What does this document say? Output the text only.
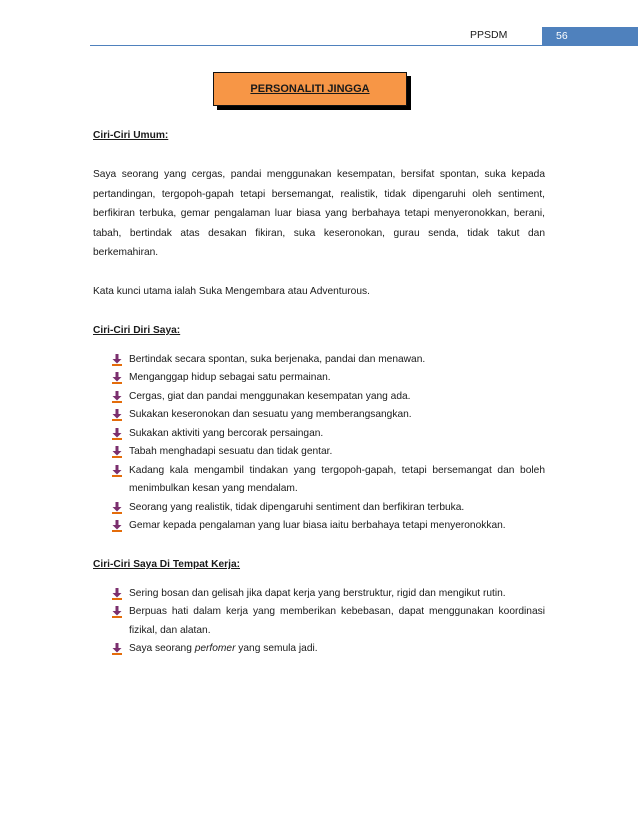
PPSDM	56
PERSONALITI JINGGA

Ciri-Ciri Umum:

Saya seorang yang cergas, pandai menggunakan kesempatan, bersifat spontan, suka kepada pertandingan, tergopoh-gapah tetapi bersemangat, realistik, tidak dipengaruhi oleh sentiment, berfikiran terbuka, gemar pengalaman luar biasa yang berbahaya tetapi menyeronokkan, berani, tabah, bertindak atas desakan fikiran, suka keseronokan, gurau senda, tidak takut dan berkemahiran.

Kata kunci utama ialah Suka Mengembara atau Adventurous.

Ciri-Ciri Diri Saya:

Bertindak secara spontan, suka berjenaka, pandai dan menawan.
Menganggap hidup sebagai satu permainan.
Cergas, giat dan pandai menggunakan kesempatan yang ada.
Sukakan keseronokan dan sesuatu yang memberangsangkan.
Sukakan aktiviti yang bercorak persaingan.
Tabah menghadapi sesuatu dan tidak gentar.
Kadang kala mengambil tindakan yang tergopoh-gapah, tetapi bersemangat dan boleh menimbulkan kesan yang mendalam.
Seorang yang realistik, tidak dipengaruhi sentiment dan berfikiran terbuka.
Gemar kepada pengalaman yang luar biasa iaitu berbahaya tetapi menyeronokkan.

Ciri-Ciri Saya Di Tempat Kerja:

Sering bosan dan gelisah jika dapat kerja yang berstruktur, rigid dan mengikut rutin.
Berpuas hati dalam kerja yang memberikan kebebasan, dapat menggunakan koordinasi fizikal, dan alatan.
Saya seorang perfomer yang semula jadi.
